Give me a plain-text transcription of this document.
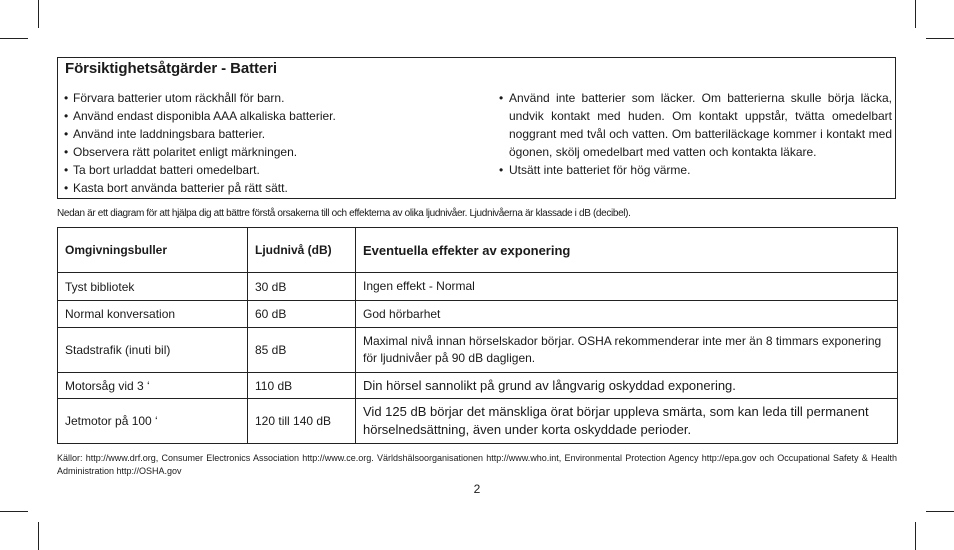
Försiktighetsåtgärder - Batteri
• Förvara batterier utom räckhåll för barn.
• Använd endast disponibla AAA alkaliska batterier.
• Använd inte laddningsbara batterier.
• Observera rätt polaritet enligt märkningen.
• Ta bort urladdat batteri omedelbart.
• Kasta bort använda batterier på rätt sätt.
• Använd inte batterier som läcker. Om batterierna skulle börja läcka, undvik kontakt med huden. Om kontakt uppstår, tvätta omedelbart noggrant med tvål och vatten. Om batteriläckage kommer i kontakt med ögonen, skölj omedelbart med vatten och kontakta läkare.
• Utsätt inte batteriet för hög värme.
Nedan är ett diagram för att hjälpa dig att bättre förstå orsakerna till och effekterna av olika ljudnivåer. Ljudnivåerna är klassade i dB (decibel).
Omgivningsbuller	Ljudnivå (dB)	Eventuella effekter av exponering
Tyst bibliotek	30 dB	Ingen effekt - Normal
Normal konversation	60 dB	God hörbarhet
Stadstrafik (inuti bil)	85 dB	Maximal nivå innan hörselskador börjar. OSHA rekommenderar inte mer än 8 timmars exponering för ljudnivåer på 90 dB dagligen.
Motorsåg vid 3 ‘	110 dB	Din hörsel sannolikt på grund av långvarig oskyddad exponering.
Jetmotor på 100 ‘	120 till 140 dB	Vid 125 dB börjar det mänskliga örat börjar uppleva smärta, som kan leda till permanent hörselnedsättning, även under korta oskyddade perioder.
Källor: http://www.drf.org, Consumer Electronics Association http://www.ce.org. Världshälsoorganisationen http://www.who.int, Environmental Protection Agency http://epa.gov och Occupational Safety & Health Administration http://OSHA.gov
2
